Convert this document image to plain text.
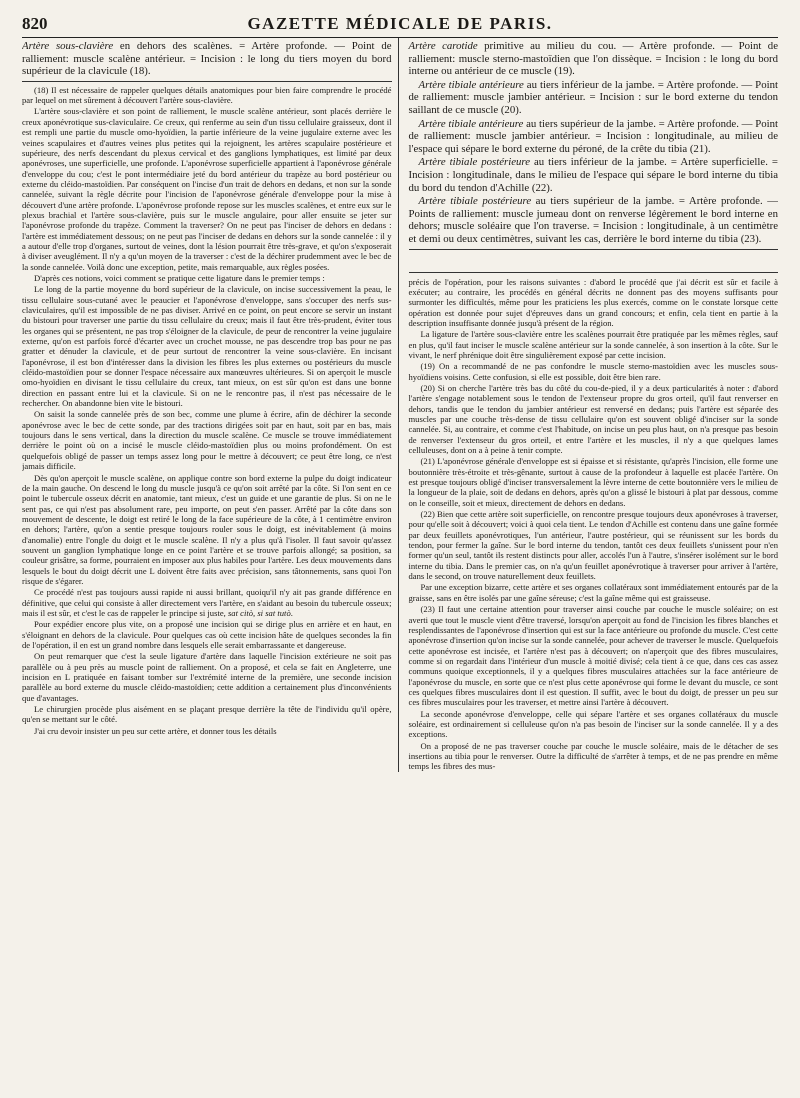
820	GAZETTE MÉDICALE DE PARIS.

Artère sous-clavière en dehors des scalènes. = Artère profonde. — Point de ralliement: muscle scalène antérieur. = Incision : le long du tiers moyen du bord supérieur de la clavicule (18).

(18) Il est nécessaire de rappeler quelques détails anatomiques pour bien faire comprendre le procédé par lequel on met sûrement à découvert l'artère sous-clavière.

L'artère sous-clavière et son point de ralliement, le muscle scalène antérieur, sont placés derrière le creux aponévrotique sus-claviculaire. Ce creux, qui renferme au sein d'un tissu cellulaire graisseux, dont il est rempli une partie du muscle omo-hyoïdien, la partie inférieure de la veine jugulaire externe avec les veines scapulaires et d'autres veines plus petites qui la rejoignent, les artères scapulaire postérieure et supérieure, des nerfs descendant du plexus cervical et des ganglions lymphatiques, est limité par deux aponévroses, une superficielle, une profonde. L'aponévrose superficielle appartient à l'aponévrose générale d'enveloppe du cou; c'est le pont intermédiaire jeté du bord antérieur du trapèze au bord postérieur ou externe du cléido-mastoïdien. Par conséquent on l'incise d'un trait de dehors en dedans, et non sur la sonde cannelée, suivant la règle décrite pour l'incision de l'aponévrose générale d'enveloppe pour la mise à découvert d'une artère profonde. L'aponévrose profonde repose sur les muscles scalènes, et entre eux sur le plexus brachial et l'artère sous-clavière, puis sur le muscle angulaire, pour aller ensuite se jeter sur l'aponévrose profonde du trapèze. Comment la traverser? On ne peut pas l'inciser de dehors en dedans : l'artère est immédiatement dessous; on ne peut pas l'inciser de dedans en dehors sur la sonde cannelée : il y a autour d'elle trop d'organes, surtout de veines, dont la lésion pourrait être très-grave, et qu'on s'exposerait à diviser aveuglément. Il n'y a qu'un moyen de la traverser : c'est de la déchirer prudemment avec le bec de la sonde cannelée. Voilà donc une exception, petite, mais remarquable, aux règles posées.

D'après ces notions, voici comment se pratique cette ligature dans le premier temps :

Le long de la partie moyenne du bord supérieur de la clavicule, on incise successivement la peau, le tissu cellulaire sous-cutané avec le peaucier et l'aponévrose d'enveloppe, sans s'occuper des nerfs sus-claviculaires, qu'il est impossible de ne pas diviser. Arrivé en ce point, on peut encore se servir un instant du bistouri pour traverser une partie du tissu cellulaire du creux; mais il faut être très-prudent, éviter tous les organes qui se présentent, ne pas trop s'éloigner de la clavicule, de peur de rencontrer la veine jugulaire externe, qu'on est parfois forcé d'écarter avec un crochet mousse, ne pas descendre trop bas pour ne pas gratter et dénuder la clavicule, et de peur surtout de rencontrer la veine sous-clavière. En incisant l'aponévrose, il est bon d'intéresser dans la division les fibres les plus externes ou postérieurs du muscle cléido-mastoïdien pour se donner l'espace nécessaire aux manœuvres ultérieures. Si on aperçoit le muscle omo-hyoïdien en divisant le tissu cellulaire du creux, tant mieux, on est sûr qu'on est dans une bonne direction en passant entre lui et la clavicule. Si on ne le rencontre pas, il n'est pas nécessaire de le rechercher. On abandonne bien vite le bistouri.

On saisit la sonde cannelée près de son bec, comme une plume à écrire, afin de déchirer la seconde aponévrose avec le bec de cette sonde, par des tractions dirigées soit par en haut, soit par en bas, mais toujours dans le sens vertical, dans la direction du muscle scalène. Ce muscle se trouve immédiatement derrière le point où on a incisé le muscle cléido-mastoïdien plus ou moins profondément. On est quelquefois obligé de passer un temps assez long pour le mettre à découvert; ce peut être long, ce n'est jamais difficile.

Dès qu'on aperçoit le muscle scalène, on applique contre son bord externe la pulpe du doigt indicateur de la main gauche. On descend le long du muscle jusqu'à ce qu'on soit arrêté par la côte. Si l'on sent en ce point le tubercule osseux décrit en anatomie, tant mieux, c'est un guide et une garantie de plus. Si on ne le sent pas, ce qui n'est pas absolument rare, peu importe, on peut s'en passer. Arrêté par la côte dans son mouvement de descente, le doigt est retiré le long de la face supérieure de la côte, à 1 centimètre environ en dehors; l'artère, qu'on a sentie presque toujours rouler sous le doigt, est inévitablement (à moins d'anomalie) entre l'ongle du doigt et le muscle scalène. Il n'y a plus qu'à l'isoler. Il faut savoir qu'assez souvent un ganglion lymphatique longe en ce point l'artère et se trouve parfois allongé; sa position, sa couleur grisâtre, sa forme, pourraient en imposer aux plus habiles pour l'artère. Les deux mouvements dans lesquels le bout du doigt décrit une L doivent être faits avec précision, sans tâtonnements, sans quoi l'on risque de s'égarer.

Ce procédé n'est pas toujours aussi rapide ni aussi brillant, quoiqu'il n'y ait pas grande différence en définitive, que celui qui consiste à aller directement vers l'artère, en s'aidant au besoin du tubercule osseux; mais il est sûr, et c'est le cas de rappeler le principe si juste, sat citò, si sat tutò.

Pour expédier encore plus vite, on a proposé une incision qui se dirige plus en arrière et en haut, en s'éloignant en dehors de la clavicule. Pour quelques cas où cette incision hâte de quelques secondes la fin de l'opération, il en est un grand nombre dans lesquels elle serait embarrassante et dangereuse.

On peut remarquer que c'est la seule ligature d'artère dans laquelle l'incision extérieure ne soit pas parallèle ou à peu près au muscle point de ralliement. On a proposé, et cela se fait en Angleterre, une incision en L pratiquée en faisant tomber sur l'extrémité interne de la première, une seconde incision parallèle au bord externe du muscle cléido-mastoïdien; cette addition a certainement plus d'inconvénients que d'avantages.

Le chirurgien procède plus aisément en se plaçant presque derrière la tête de l'individu qu'il opère, qu'en se mettant sur le côté.

J'ai cru devoir insister un peu sur cette artère, et donner tous les détails

Artère carotide primitive au milieu du cou. — Artère profonde. — Point de ralliement: muscle sterno-mastoïdien que l'on dissèque. = Incision : le long du bord interne ou antérieur de ce muscle (19).

Artère tibiale antérieure au tiers inférieur de la jambe. = Artère profonde. — Point de ralliement: muscle jambier antérieur. = Incision : sur le bord externe du tendon saillant de ce muscle (20).

Artère tibiale antérieure au tiers supérieur de la jambe. = Artère profonde. — Point de ralliement: muscle jambier antérieur. = Incision : longitudinale, au milieu de l'espace qui sépare le bord externe du péroné, de la crête du tibia (21).

Artère tibiale postérieure au tiers inférieur de la jambe. = Artère superficielle. = Incision : longitudinale, dans le milieu de l'espace qui sépare le bord interne du tibia du bord du tendon d'Achille (22).

Artère tibiale postérieure au tiers supérieur de la jambe. = Artère profonde. — Points de ralliement: muscle jumeau dont on renverse légèrement le bord interne en dehors; muscle soléaire que l'on traverse. = Incision : longitudinale, à un centimètre et demi ou deux centimètres, suivant les cas, derrière le bord interne du tibia (23).

précis de l'opération, pour les raisons suivantes : d'abord le procédé que j'ai décrit est sûr et facile à exécuter; au contraire, les procédés en général décrits ne donnent pas des moyens suffisants pour surmonter les difficultés, même pour les praticiens les plus exercés, comme on le constate lorsque cette opération est donnée pour sujet d'épreuves dans un grand concours; et enfin, cela tient en partie à la description insuffisante donnée jusqu'à présent de la région.

La ligature de l'artère sous-clavière entre les scalènes pourrait être pratiquée par les mêmes règles, sauf en plus, qu'il faut inciser le muscle scalène antérieur sur la sonde cannelée, à son insertion à la côte. Sur le vivant, le nerf phrénique doit être singulièrement exposé par cette incision.

(19) On a recommandé de ne pas confondre le muscle sterno-mastoïdien avec les muscles sous-hyoïdiens voisins. Cette confusion, si elle est possible, doit être bien rare.

(20) Si on cherche l'artère très bas du côté du cou-de-pied, il y a deux particularités à noter : d'abord l'artère s'engage notablement sous le tendon de l'extenseur propre du gros orteil, qu'il faut renverser en dehors, tandis que le tendon du jambier antérieur est renversé en dedans; puis l'artère est séparée des muscles par une couche très-dense de tissu cellulaire qu'on est souvent obligé d'inciser sur la sonde cannelée. Si, au contraire, et comme c'est l'habitude, on incise un peu plus haut, on n'a presque pas besoin de renverser l'extenseur du gros orteil, et entre l'artère et les muscles, il n'y a que quelques lames celluleuses, dont on a à peine à tenir compte.

(21) L'aponévrose générale d'enveloppe est si épaisse et si résistante, qu'après l'incision, elle forme une boutonnière très-étroite et très-gênante, surtout à cause de la profondeur à laquelle est placée l'artère. On est presque toujours obligé d'inciser transversalement la lèvre interne de cette boutonnière vers le milieu de la longueur de la plaie, soit de dedans en dehors, après qu'on a glissé le bistouri à plat par dessous, comme on le conseille, soit et mieux, directement de dehors en dedans.

(22) Bien que cette artère soit superficielle, on rencontre presque toujours deux aponévroses à traverser, pour qu'elle soit à découvert; voici à quoi cela tient. Le tendon d'Achille est contenu dans une gaîne formée par deux feuillets aponévrotiques, l'un antérieur, l'autre postérieur, qui se réunissent sur les bords du tendon, pour fermer la gaîne. Sur le bord interne du tendon, tantôt ces deux feuillets s'unissent pour n'en former qu'un seul, tantôt ils restent distincts pour aller, accolés l'un à l'autre, s'insérer isolément sur le bord interne du tibia. Dans le premier cas, on n'a qu'un feuillet aponévrotique à traverser pour arriver à l'artère, dans le second, on trouve naturellement deux feuillets.

Par une exception bizarre, cette artère et ses organes collatéraux sont immédiatement entourés par de la graisse, sans en être isolés par une gaîne séreuse; c'est la gaîne même qui est graisseuse.

(23) Il faut une certaine attention pour traverser ainsi couche par couche le muscle soléaire; on est averti que tout le muscle vient d'être traversé, lorsqu'on aperçoit au fond de l'incision les fibres blanches et resplendissantes de l'aponévrose d'insertion qui est sur la face antérieure ou profonde du muscle. C'est cette aponévrose d'insertion qu'on incise sur la sonde cannelée, pour achever de traverser le muscle. Quelquefois cette aponévrose est incisée, et l'artère n'est pas à découvert; on n'aperçoit que des fibres musculaires, comme si on regardait dans l'intérieur d'un muscle à moitié divisé; cela tient à ce que, dans ces cas assez communs quoique exceptionnels, il y a quelques fibres musculaires attachées sur la face antérieure de l'aponévrose du muscle, en sorte que ce n'est plus cette aponévrose qui forme le devant du muscle, ce sont ces quelques fibres musculaires dont il est question. Il suffit, avec le bout du doigt, de presser un peu sur ces fibres musculaires pour les traverser, et mettre ainsi l'artère à découvert.

La seconde aponévrose d'enveloppe, celle qui sépare l'artère et ses organes collatéraux du muscle soléaire, est ordinairement si celluleuse qu'on n'a pas besoin de l'inciser sur la sonde cannelée. Il y a des exceptions.

On a proposé de ne pas traverser couche par couche le muscle soléaire, mais de le détacher de ses insertions au tibia pour le renverser. Outre la difficulté de s'arrêter à temps, et de ne pas prendre en même temps les fibres des mus-
